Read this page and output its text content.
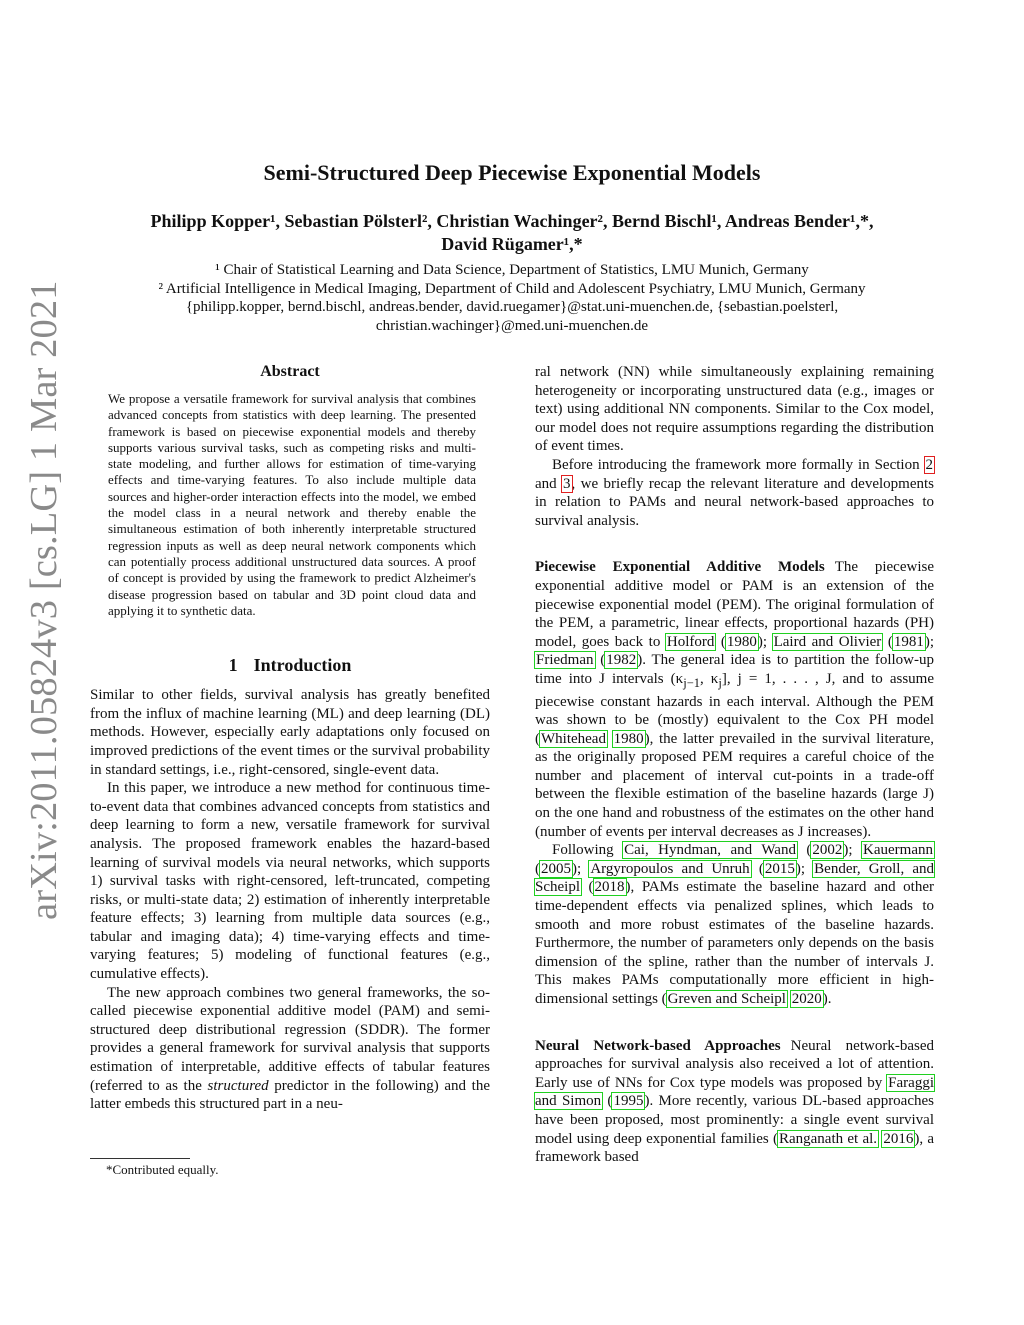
arXiv:2011.05824v3 [cs.LG] 1 Mar 2021
Semi-Structured Deep Piecewise Exponential Models
Philipp Kopper¹, Sebastian Pölsterl², Christian Wachinger², Bernd Bischl¹, Andreas Bender¹,*,
David Rügamer¹,*
¹ Chair of Statistical Learning and Data Science, Department of Statistics, LMU Munich, Germany
² Artificial Intelligence in Medical Imaging, Department of Child and Adolescent Psychiatry, LMU Munich, Germany
{philipp.kopper, bernd.bischl, andreas.bender, david.ruegamer}@stat.uni-muenchen.de, {sebastian.poelsterl,
christian.wachinger}@med.uni-muenchen.de
Abstract

We propose a versatile framework for survival analysis that combines advanced concepts from statistics with deep learning. The presented framework is based on piecewise exponential models and thereby supports various survival tasks, such as competing risks and multi-state modeling, and further allows for estimation of time-varying effects and time-varying features. To also include multiple data sources and higher-order interaction effects into the model, we embed the model class in a neural network and thereby enable the simultaneous estimation of both inherently interpretable structured regression inputs as well as deep neural network components which can potentially process additional unstructured data sources. A proof of concept is provided by using the framework to predict Alzheimer's disease progression based on tabular and 3D point cloud data and applying it to synthetic data.

1 Introduction

Similar to other fields, survival analysis has greatly benefited from the influx of machine learning (ML) and deep learning (DL) methods. However, especially early adaptations only focused on improved predictions of the event times or the survival probability in standard settings, i.e., right-censored, single-event data.

In this paper, we introduce a new method for continuous time-to-event data that combines advanced concepts from statistics and deep learning to form a new, versatile framework for survival analysis. The proposed framework enables the hazard-based learning of survival models via neural networks, which supports 1) survival tasks with right-censored, left-truncated, competing risks, or multi-state data; 2) estimation of inherently interpretable feature effects; 3) learning from multiple data sources (e.g., tabular and imaging data); 4) time-varying effects and time-varying features; 5) modeling of functional features (e.g., cumulative effects).

The new approach combines two general frameworks, the so-called piecewise exponential additive model (PAM) and semi-structured deep distributional regression (SDDR). The former provides a general framework for survival analysis that supports estimation of interpretable, additive effects of tabular features (referred to as the structured predictor in the following) and the latter embeds this structured part in a neu-

*Contributed equally.

ral network (NN) while simultaneously explaining remaining heterogeneity or incorporating unstructured data (e.g., images or text) using additional NN components. Similar to the Cox model, our model does not require assumptions regarding the distribution of event times.

Before introducing the framework more formally in Section 2 and 3, we briefly recap the relevant literature and developments in relation to PAMs and neural network-based approaches to survival analysis.

Piecewise Exponential Additive Models The piecewise exponential additive model or PAM is an extension of the piecewise exponential model (PEM). The original formulation of the PEM, a parametric, linear effects, proportional hazards (PH) model, goes back to Holford (1980); Laird and Olivier (1981); Friedman (1982). The general idea is to partition the follow-up time into J intervals ($\kappa_{j-1}$, $\kappa_j$], j = 1, . . . , J, and to assume piecewise constant hazards in each interval. Although the PEM was shown to be (mostly) equivalent to the Cox PH model (Whitehead 1980), the latter prevailed in the survival literature, as the originally proposed PEM requires a careful choice of the number and placement of interval cut-points in a trade-off between the flexible estimation of the baseline hazards (large J) on the one hand and robustness of the estimates on the other hand (number of events per interval decreases as J increases).

Following Cai, Hyndman, and Wand (2002); Kauermann (2005); Argyropoulos and Unruh (2015); Bender, Groll, and Scheipl (2018), PAMs estimate the baseline hazard and other time-dependent effects via penalized splines, which leads to smooth and more robust estimates of the baseline hazards. Furthermore, the number of parameters only depends on the basis dimension of the spline, rather than the number of intervals J. This makes PAMs computationally more efficient in high-dimensional settings (Greven and Scheipl 2020).

Neural Network-based Approaches Neural network-based approaches for survival analysis also received a lot of attention. Early use of NNs for Cox type models was proposed by Faraggi and Simon (1995). More recently, various DL-based approaches have been proposed, most prominently: a single event survival model using deep exponential families (Ranganath et al. 2016), a framework based
